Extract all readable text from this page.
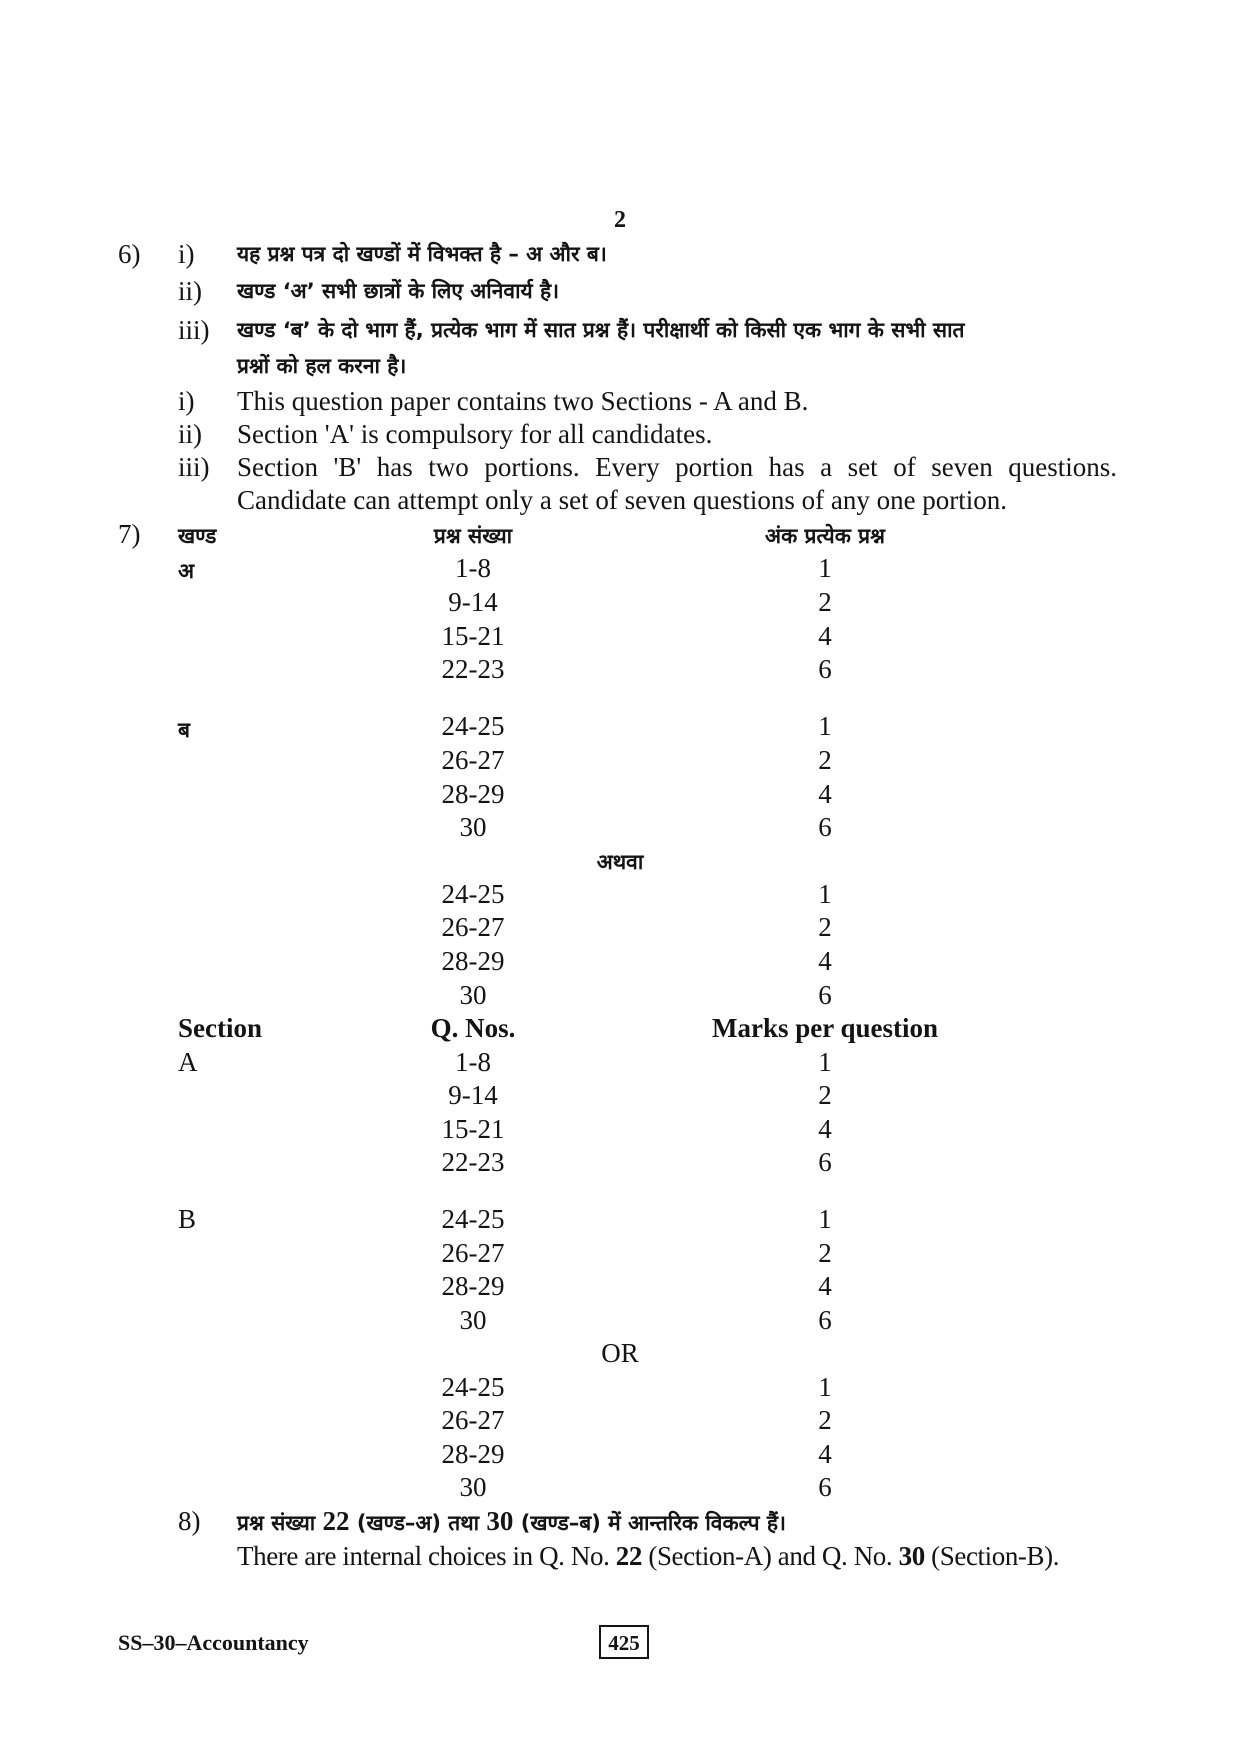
2
6) i) यह प्रश्न पत्र दो खण्डों में विभक्त है – अ और ब।
ii) खण्ड ‘अ’ सभी छात्रों के लिए अनिवार्य है।
iii) खण्ड ‘ब’ के दो भाग हैं, प्रत्येक भाग में सात प्रश्न हैं। परीक्षार्थी को किसी एक भाग के सभी सात
प्रश्नों को हल करना है।
i) This question paper contains two Sections - A and B.
ii) Section 'A' is compulsory for all candidates.
iii) Section 'B' has two portions. Every portion has a set of seven questions.
Candidate can attempt only a set of seven questions of any one portion.
7) खण्ड	प्रश्न संख्या	अंक प्रत्येक प्रश्न
अ	1-8	1
9-14	2
15-21	4
22-23	6
ब	24-25	1
26-27	2
28-29	4
30	6
अथवा
24-25	1
26-27	2
28-29	4
30	6
Section	Q. Nos.	Marks per question
A	1-8	1
9-14	2
15-21	4
22-23	6
B	24-25	1
26-27	2
28-29	4
30	6
OR
24-25	1
26-27	2
28-29	4
30	6
8) प्रश्न संख्या 22 (खण्ड–अ) तथा 30 (खण्ड–ब) में आन्तरिक विकल्प हैं।
There are internal choices in Q. No. 22 (Section-A) and Q. No. 30 (Section-B).
SS–30–Accountancy	425
